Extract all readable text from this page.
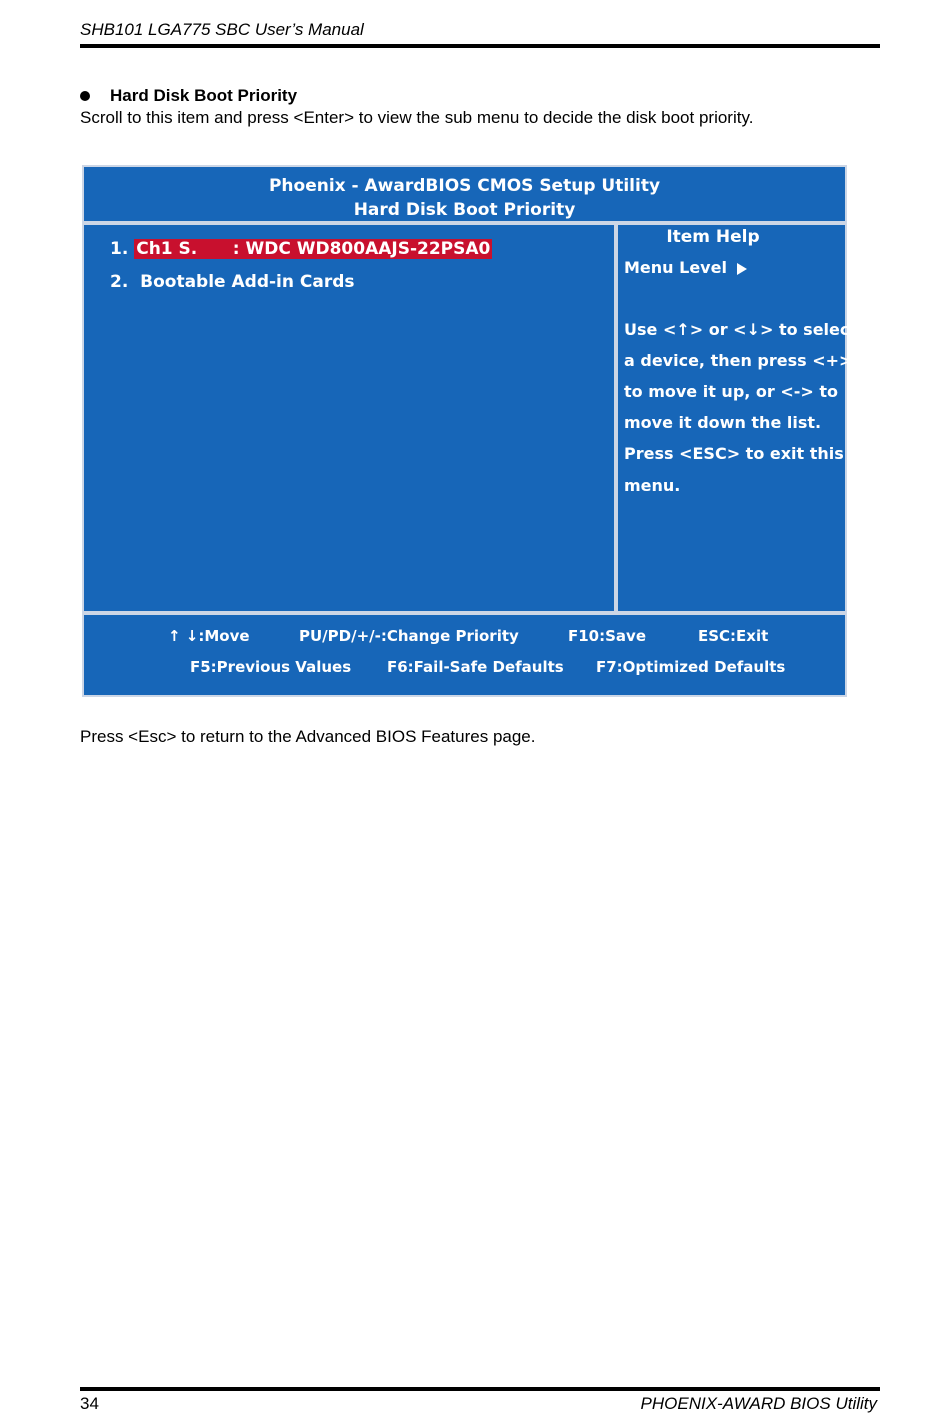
SHB101 LGA775 SBC User’s Manual
Hard Disk Boot Priority
Scroll to this item and press <Enter> to view the sub menu to decide the disk boot priority.
Phoenix - AwardBIOS CMOS Setup Utility
Hard Disk Boot Priority
1. Ch1 S.      : WDC WD800AAJS-22PSA0
2. Bootable Add-in Cards
Item Help
Menu Level
Use <↑> or <↓> to select
a device, then press <+>
to move it up, or <-> to
move it down the list.
Press <ESC> to exit this
menu.
↑ ↓:Move	PU/PD/+/-:Change Priority	F10:Save	ESC:Exit
F5:Previous Values F6:Fail-Safe Defaults F7:Optimized Defaults
Press <Esc> to return to the Advanced BIOS Features page.
34	PHOENIX-AWARD BIOS Utility
